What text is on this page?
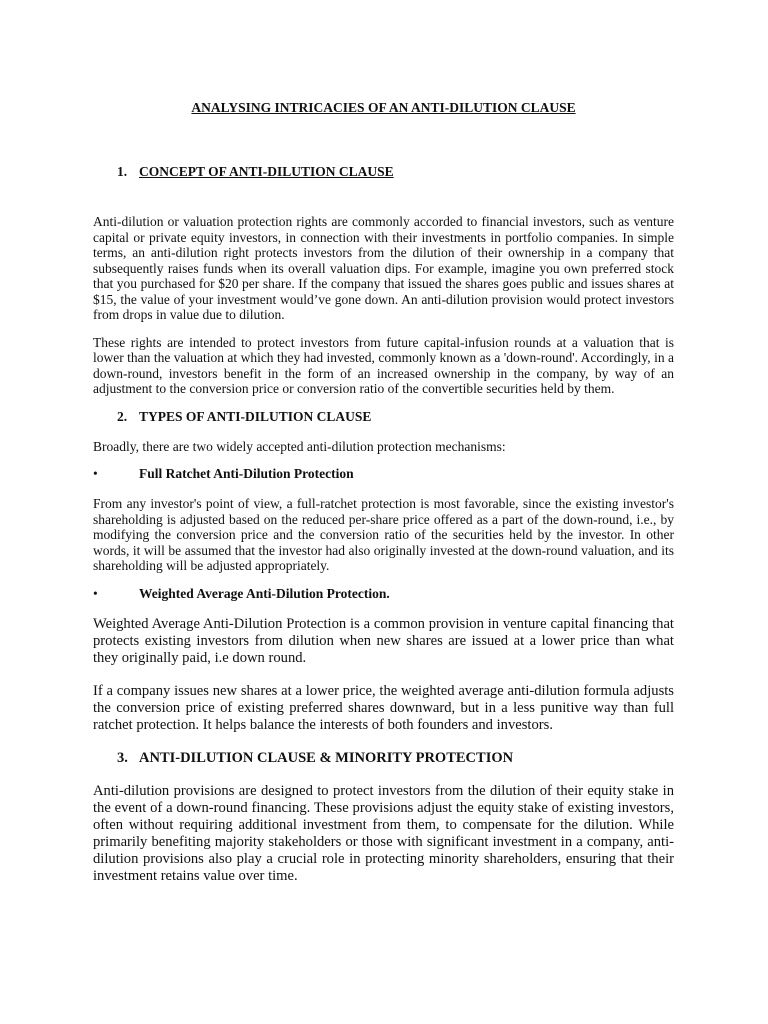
ANALYSING INTRICACIES OF AN ANTI-DILUTION CLAUSE
1. CONCEPT OF ANTI-DILUTION CLAUSE

Anti-dilution or valuation protection rights are commonly accorded to financial investors, such as venture capital or private equity investors, in connection with their investments in portfolio companies. In simple terms, an anti-dilution right protects investors from the dilution of their ownership in a company that subsequently raises funds when its overall valuation dips. For example, imagine you own preferred stock that you purchased for $20 per share. If the company that issued the shares goes public and issues shares at $15, the value of your investment would’ve gone down. An anti-dilution provision would protect investors from drops in value due to dilution.

These rights are intended to protect investors from future capital-infusion rounds at a valuation that is lower than the valuation at which they had invested, commonly known as a 'down-round'. Accordingly, in a down-round, investors benefit in the form of an increased ownership in the company, by way of an adjustment to the conversion price or conversion ratio of the convertible securities held by them.

2. TYPES OF ANTI-DILUTION CLAUSE

Broadly, there are two widely accepted anti-dilution protection mechanisms:

•	Full Ratchet Anti-Dilution Protection

From any investor's point of view, a full-ratchet protection is most favorable, since the existing investor's shareholding is adjusted based on the reduced per-share price offered as a part of the down-round, i.e., by modifying the conversion price and the conversion ratio of the securities held by the investor. In other words, it will be assumed that the investor had also originally invested at the down-round valuation, and its shareholding will be adjusted appropriately.

•	Weighted Average Anti-Dilution Protection.

Weighted Average Anti-Dilution Protection is a common provision in venture capital financing that protects existing investors from dilution when new shares are issued at a lower price than what they originally paid, i.e down round.

If a company issues new shares at a lower price, the weighted average anti-dilution formula adjusts the conversion price of existing preferred shares downward, but in a less punitive way than full ratchet protection. It helps balance the interests of both founders and investors.

3. ANTI-DILUTION CLAUSE & MINORITY PROTECTION

Anti-dilution provisions are designed to protect investors from the dilution of their equity stake in the event of a down-round financing. These provisions adjust the equity stake of existing investors, often without requiring additional investment from them, to compensate for the dilution. While primarily benefiting majority stakeholders or those with significant investment in a company, anti-dilution provisions also play a crucial role in protecting minority shareholders, ensuring that their investment retains value over time.
